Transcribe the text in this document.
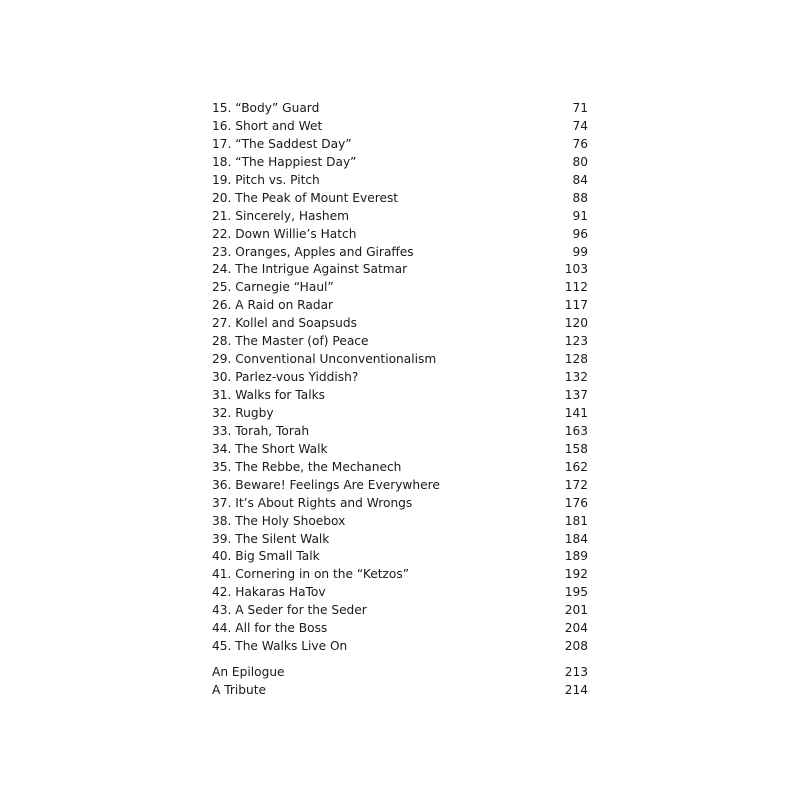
15. “Body” Guard	71
16. Short and Wet	74
17. “The Saddest Day”	76
18. “The Happiest Day”	80
19. Pitch vs. Pitch	84
20. The Peak of Mount Everest	88
21. Sincerely, Hashem	91
22. Down Willie’s Hatch	96
23. Oranges, Apples and Giraffes	99
24. The Intrigue Against Satmar	103
25. Carnegie “Haul”	112
26. A Raid on Radar	117
27. Kollel and Soapsuds	120
28. The Master (of) Peace	123
29. Conventional Unconventionalism	128
30. Parlez-vous Yiddish?	132
31. Walks for Talks	137
32. Rugby	141
33. Torah, Torah	163
34. The Short Walk	158
35. The Rebbe, the Mechanech	162
36. Beware! Feelings Are Everywhere	172
37. It’s About Rights and Wrongs	176
38. The Holy Shoebox	181
39. The Silent Walk	184
40. Big Small Talk	189
41. Cornering in on the “Ketzos”	192
42. Hakaras HaTov	195
43. A Seder for the Seder	201
44. All for the Boss	204
45. The Walks Live On	208
An Epilogue	213
A Tribute	214
